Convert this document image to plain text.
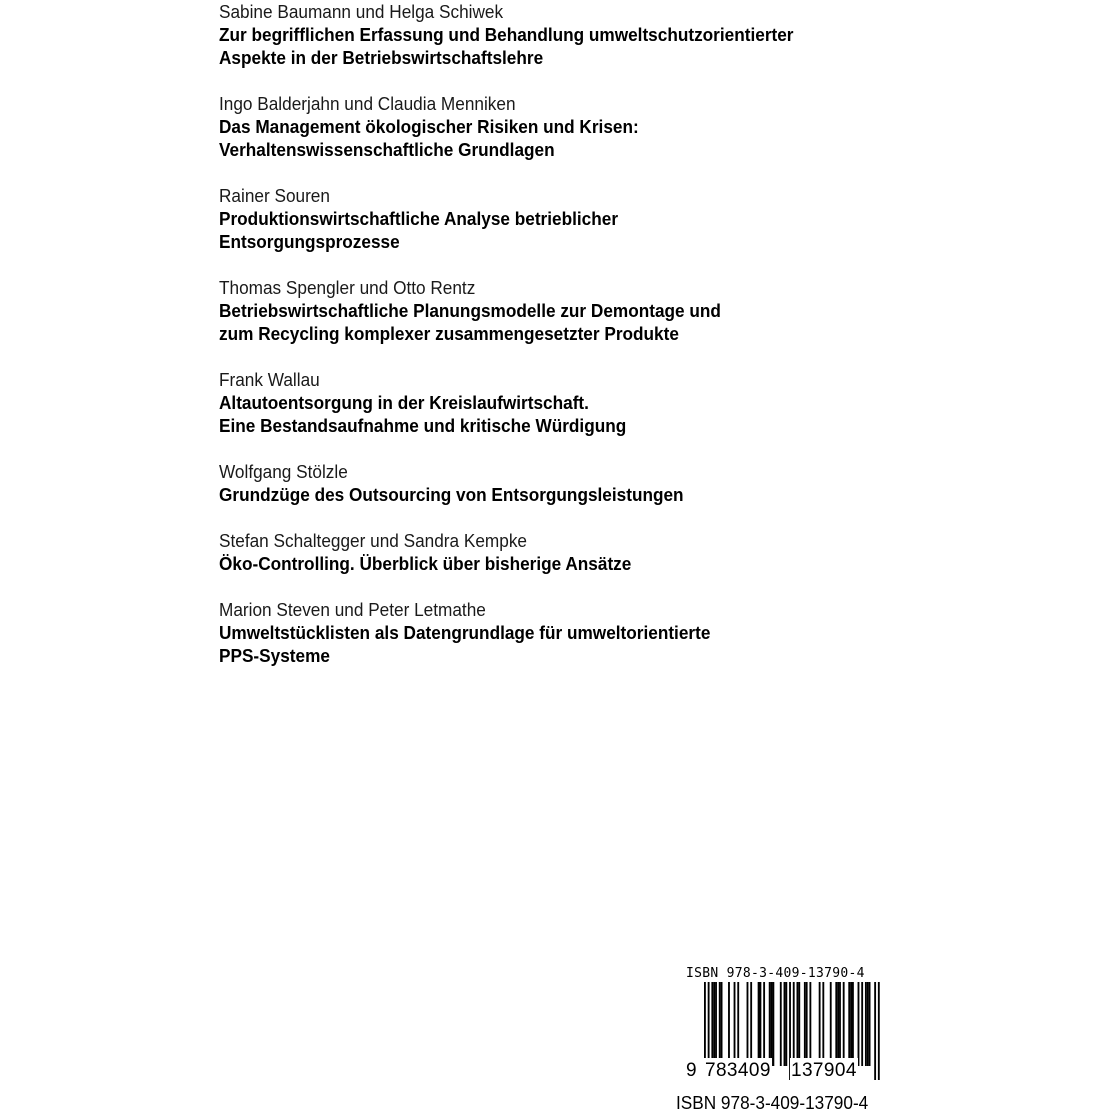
Sabine Baumann und Helga Schiwek
Zur begrifflichen Erfassung und Behandlung umweltschutzorientierter
Aspekte in der Betriebswirtschaftslehre
Ingo Balderjahn und Claudia Menniken
Das Management ökologischer Risiken und Krisen:
Verhaltenswissenschaftliche Grundlagen
Rainer Souren
Produktionswirtschaftliche Analyse betrieblicher
Entsorgungsprozesse
Thomas Spengler und Otto Rentz
Betriebswirtschaftliche Planungsmodelle zur Demontage und
zum Recycling komplexer zusammengesetzter Produkte
Frank Wallau
Altautoentsorgung in der Kreislaufwirtschaft.
Eine Bestandsaufnahme und kritische Würdigung
Wolfgang Stölzle
Grundzüge des Outsourcing von Entsorgungsleistungen
Stefan Schaltegger und Sandra Kempke
Öko-Controlling. Überblick über bisherige Ansätze
Marion Steven und Peter Letmathe
Umweltstücklisten als Datengrundlage für umweltorientierte
PPS-Systeme
ISBN 978-3-409-13790-4
9 783409 137904
ISBN 978-3-409-13790-4
